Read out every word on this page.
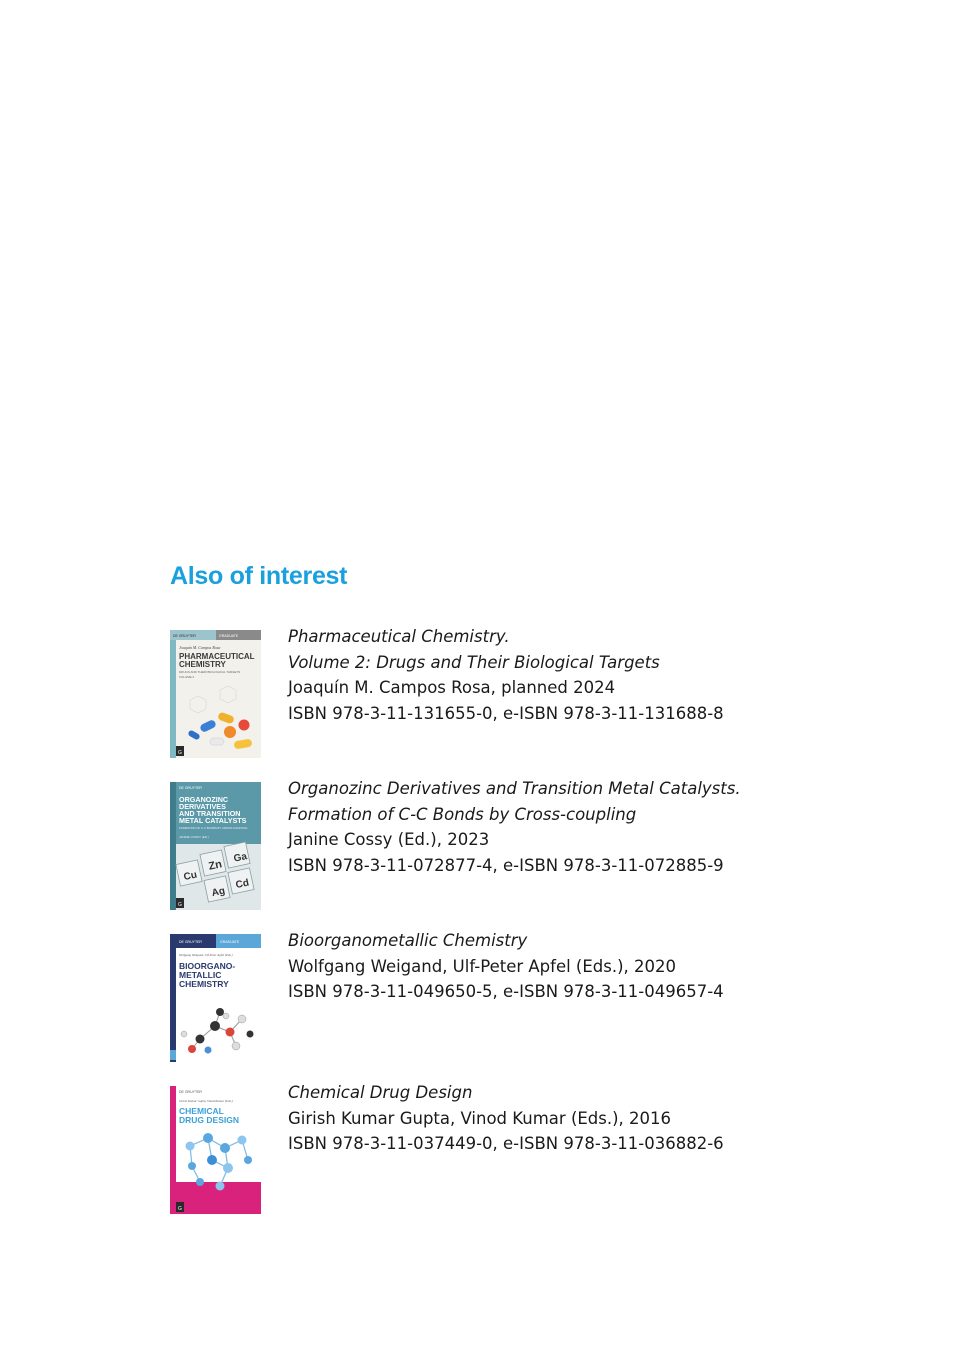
Also of interest
DE GRUYTER	GRADUATE
Joaquín M. Campos Rosa
PHARMACEUTICAL
CHEMISTRY
DRUGS AND THEIR BIOLOGICAL TARGETS
VOLUME 2
G
Pharmaceutical Chemistry.
Volume 2: Drugs and Their Biological Targets
Joaquín M. Campos Rosa, planned 2024
ISBN 978-3-11-131655-0, e-ISBN 978-3-11-131688-8
DE GRUYTER
ORGANOZINC
DERIVATIVES
AND TRANSITION
METAL CATALYSTS
FORMATION OF C-C BONDS BY CROSS-COUPLING
JANINE COSSY (ED.)
Cu
Zn
Ga
Ag
Cd
G
Organozinc Derivatives and Transition Metal Catalysts.
Formation of C-C Bonds by Cross-coupling
Janine Cossy (Ed.), 2023
ISBN 978-3-11-072877-4, e-ISBN 978-3-11-072885-9
DE GRUYTER	GRADUATE
Wolfgang Weigand, Ulf-Peter Apfel (Eds.)
BIOORGANO-
METALLIC
CHEMISTRY
Bioorganometallic Chemistry
Wolfgang Weigand, Ulf-Peter Apfel (Eds.), 2020
ISBN 978-3-11-049650-5, e-ISBN 978-3-11-049657-4
DE GRUYTER
Girish Kumar Gupta, Vinod Kumar (Eds.)
CHEMICAL
DRUG DESIGN
G
Chemical Drug Design
Girish Kumar Gupta, Vinod Kumar (Eds.), 2016
ISBN 978-3-11-037449-0, e-ISBN 978-3-11-036882-6
